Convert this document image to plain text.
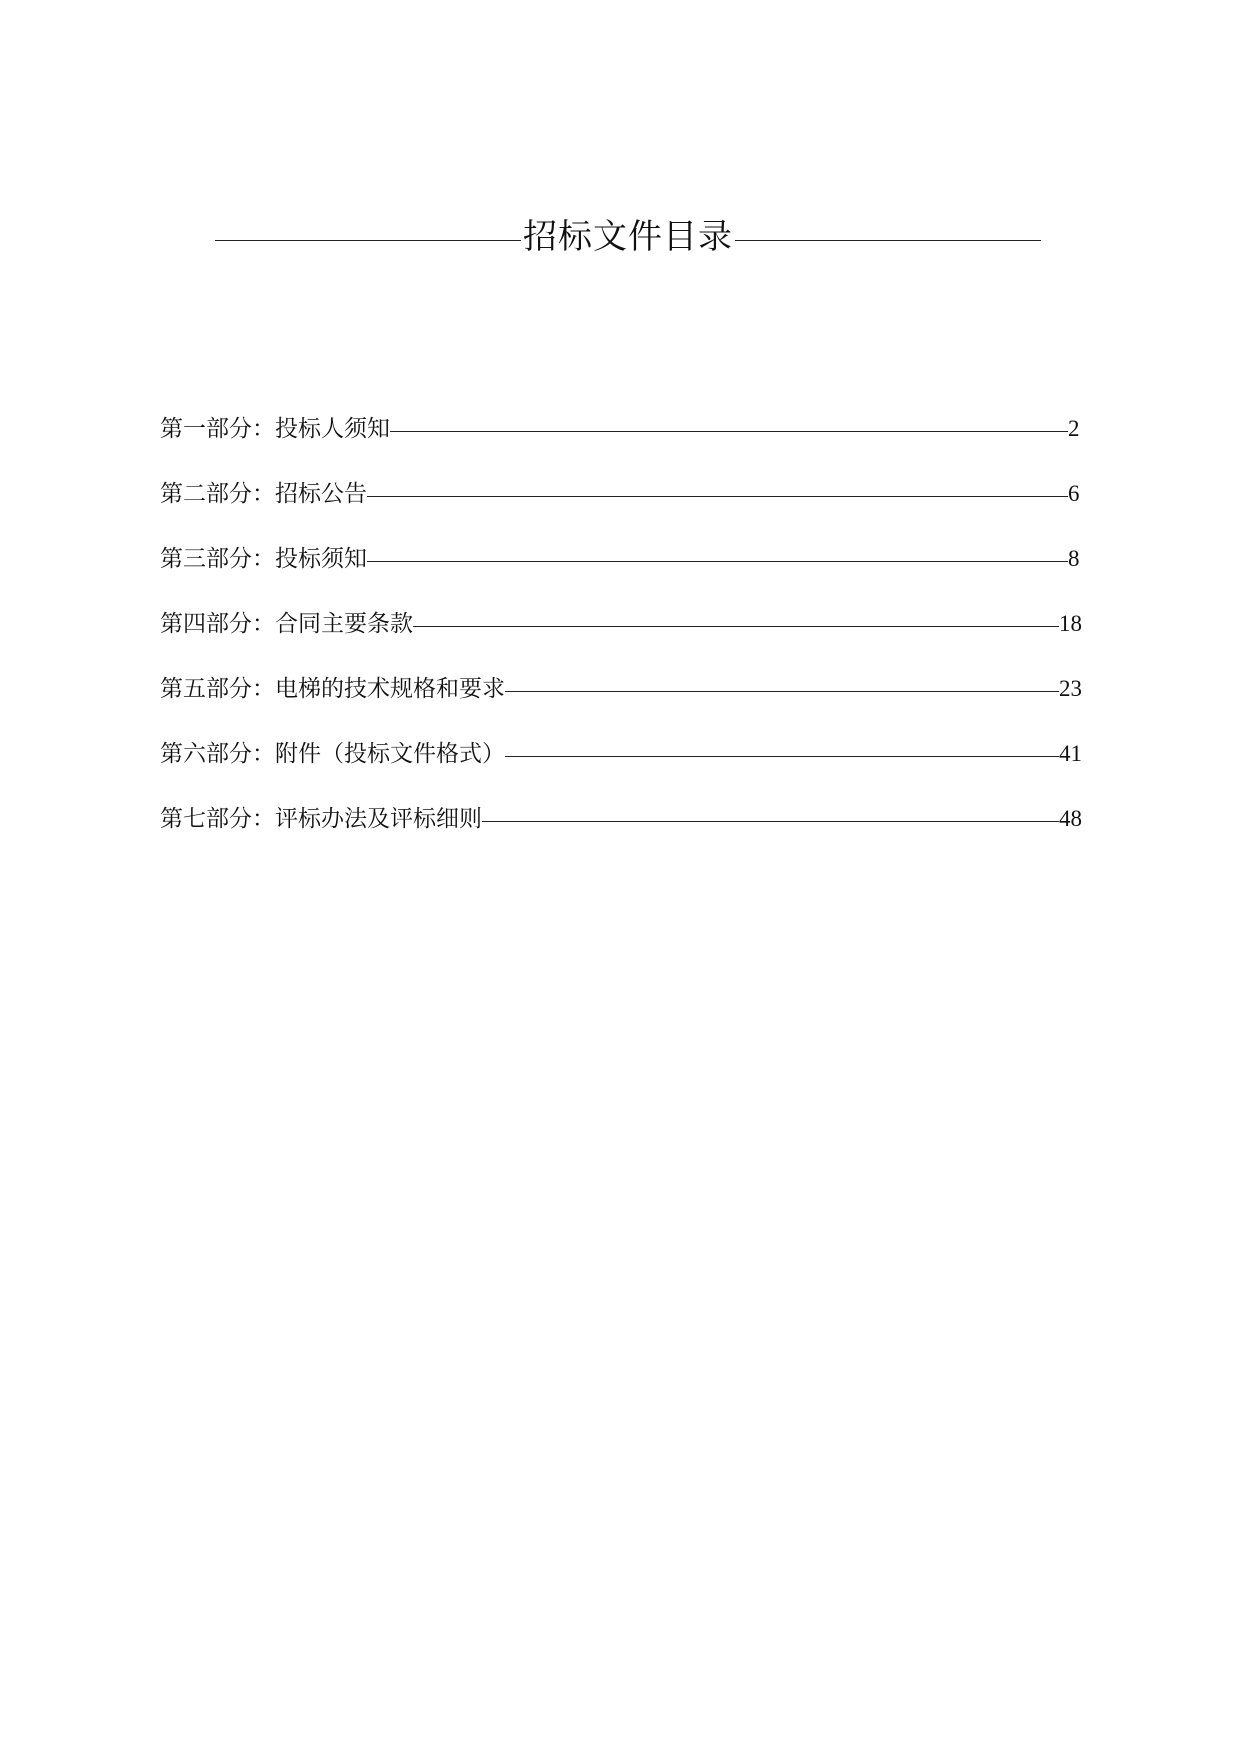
招标文件目录
第一部分：投标人须知	2
第二部分：招标公告	6
第三部分：投标须知	8
第四部分：合同主要条款	18
第五部分：电梯的技术规格和要求	23
第六部分：附件（投标文件格式）	41
第七部分：评标办法及评标细则	48
